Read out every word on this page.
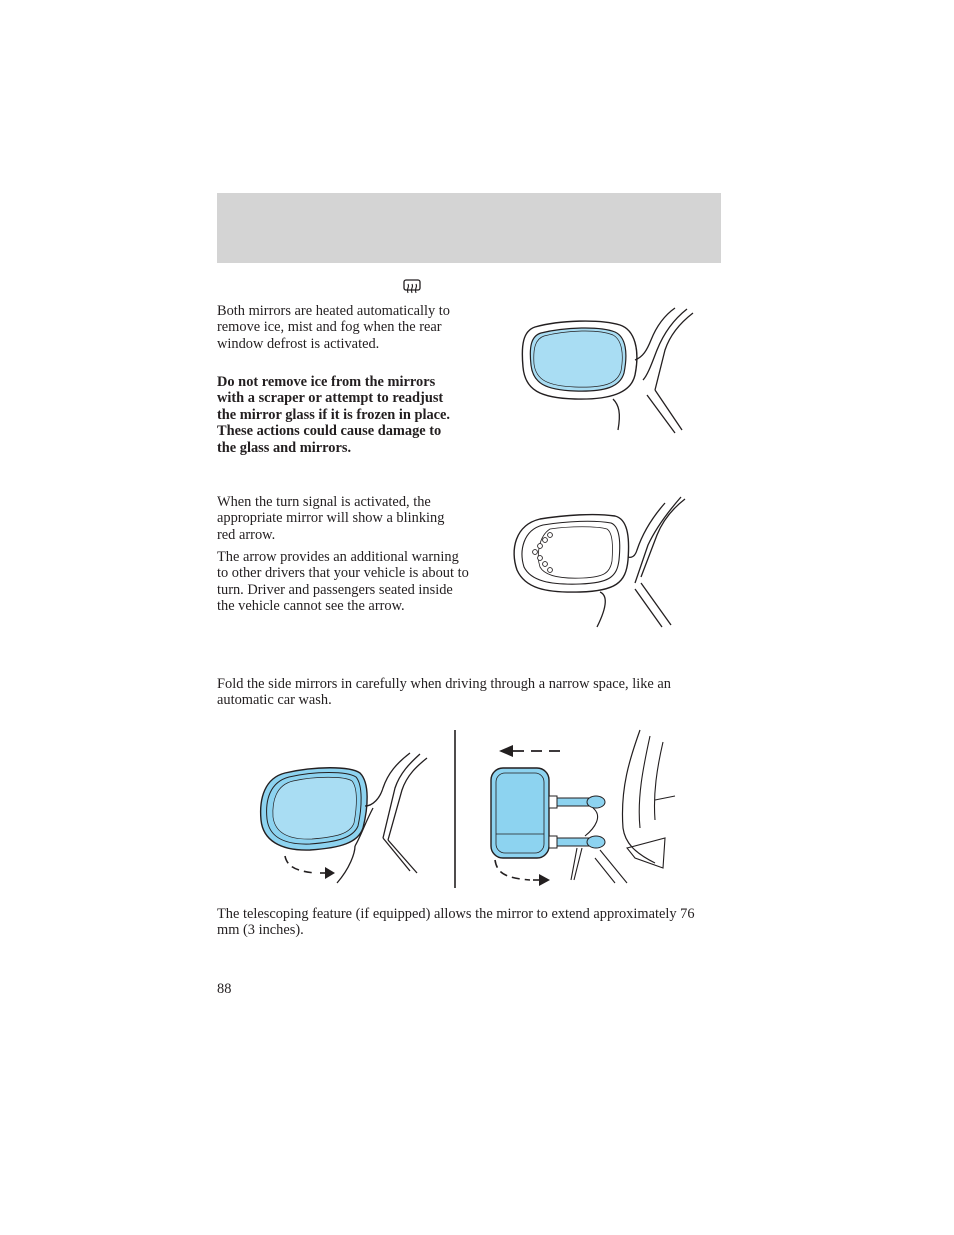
Both mirrors are heated automatically to remove ice, mist and fog when the rear window defrost is activated.

Do not remove ice from the mirrors with a scraper or attempt to readjust the mirror glass if it is frozen in place. These actions could cause damage to the glass and mirrors.

When the turn signal is activated, the appropriate mirror will show a blinking red arrow.

The arrow provides an additional warning to other drivers that your vehicle is about to turn. Driver and passengers seated inside the vehicle cannot see the arrow.

Fold the side mirrors in carefully when driving through a narrow space, like an automatic car wash.

The telescoping feature (if equipped) allows the mirror to extend approximately 76 mm (3 inches).

88
